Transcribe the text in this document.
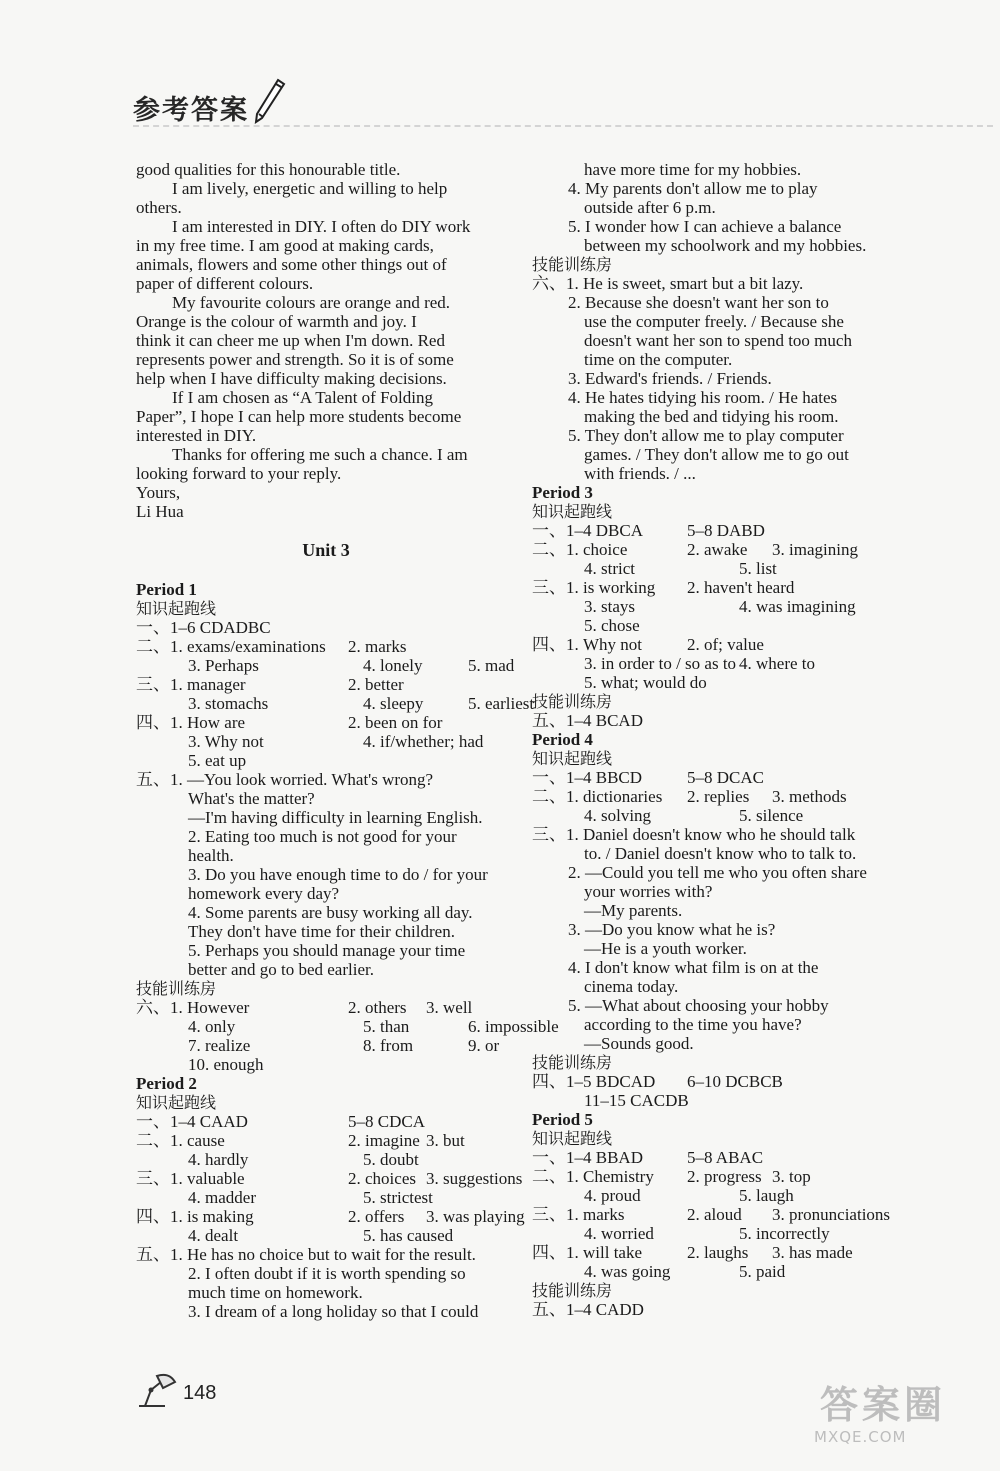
参考答案
good qualities for this honourable title.
I am lively, energetic and willing to help
others.
I am interested in DIY. I often do DIY work
in my free time. I am good at making cards,
animals, flowers and some other things out of
paper of different colours.
My favourite colours are orange and red.
Orange is the colour of warmth and joy. I
think it can cheer me up when I'm down. Red
represents power and strength. So it is of some
help when I have difficulty making decisions.
If I am chosen as “A Talent of Folding
Paper”, I hope I can help more students become
interested in DIY.
Thanks for offering me such a chance. I am
looking forward to your reply.
Yours,
Li Hua
Unit 3
Period 1
知识起跑线
一、1–6 CDADBC
二、1. exams/examinations 2. marks
3. Perhaps	4. lonely	5. mad
三、1. manager	2. better
3. stomachs	4. sleepy	5. earliest
四、1. How are	2. been on for
3. Why not	4. if/whether; had
5. eat up
五、1. —You look worried. What's wrong?
What's the matter?
—I'm having difficulty in learning English.
2. Eating too much is not good for your
health.
3. Do you have enough time to do / for your
homework every day?
4. Some parents are busy working all day.
They don't have time for their children.
5. Perhaps you should manage your time
better and go to bed earlier.
技能训练房
六、1. However	2. others 3. well
4. only	5. than	6. impossible
7. realize	8. from	9. or
10. enough
Period 2
知识起跑线
一、1–4 CAAD	5–8 CDCA
二、1. cause	2. imagine 3. but
4. hardly	5. doubt
三、1. valuable	2. choices 3. suggestions
4. madder	5. strictest
四、1. is making	2. offers 3. was playing
4. dealt	5. has caused
五、1. He has no choice but to wait for the result.
2. I often doubt if it is worth spending so
much time on homework.
3. I dream of a long holiday so that I could
have more time for my hobbies.
4. My parents don't allow me to play
outside after 6 p.m.
5. I wonder how I can achieve a balance
between my schoolwork and my hobbies.
技能训练房
六、1. He is sweet, smart but a bit lazy.
2. Because she doesn't want her son to
use the computer freely. / Because she
doesn't want her son to spend too much
time on the computer.
3. Edward's friends. / Friends.
4. He hates tidying his room. / He hates
making the bed and tidying his room.
5. They don't allow me to play computer
games. / They don't allow me to go out
with friends. / ...
Period 3
知识起跑线
一、1–4 DBCA	5–8 DABD
二、1. choice	2. awake 3. imagining
4. strict	5. list
三、1. is working 2. haven't heard
3. stays	4. was imagining
5. chose
四、1. Why not	2. of; value
3. in order to / so as to 4. where to
5. what; would do
技能训练房
五、1–4 BCAD
Period 4
知识起跑线
一、1–4 BBCD	5–8 DCAC
二、1. dictionaries 2. replies 3. methods
4. solving	5. silence
三、1. Daniel doesn't know who he should talk
to. / Daniel doesn't know who to talk to.
2. —Could you tell me who you often share
your worries with?
—My parents.
3. —Do you know what he is?
—He is a youth worker.
4. I don't know what film is on at the
cinema today.
5. —What about choosing your hobby
according to the time you have?
—Sounds good.
技能训练房
四、1–5 BDCAD 6–10 DCBCB
11–15 CACDB
Period 5
知识起跑线
一、1–4 BBAD	5–8 ABAC
二、1. Chemistry 2. progress 3. top
4. proud	5. laugh
三、1. marks	2. aloud 3. pronunciations
4. worried	5. incorrectly
四、1. will take	2. laughs 3. has made
4. was going	5. paid
技能训练房
五、1–4 CADD
148	答案圈
MXQE.COM
